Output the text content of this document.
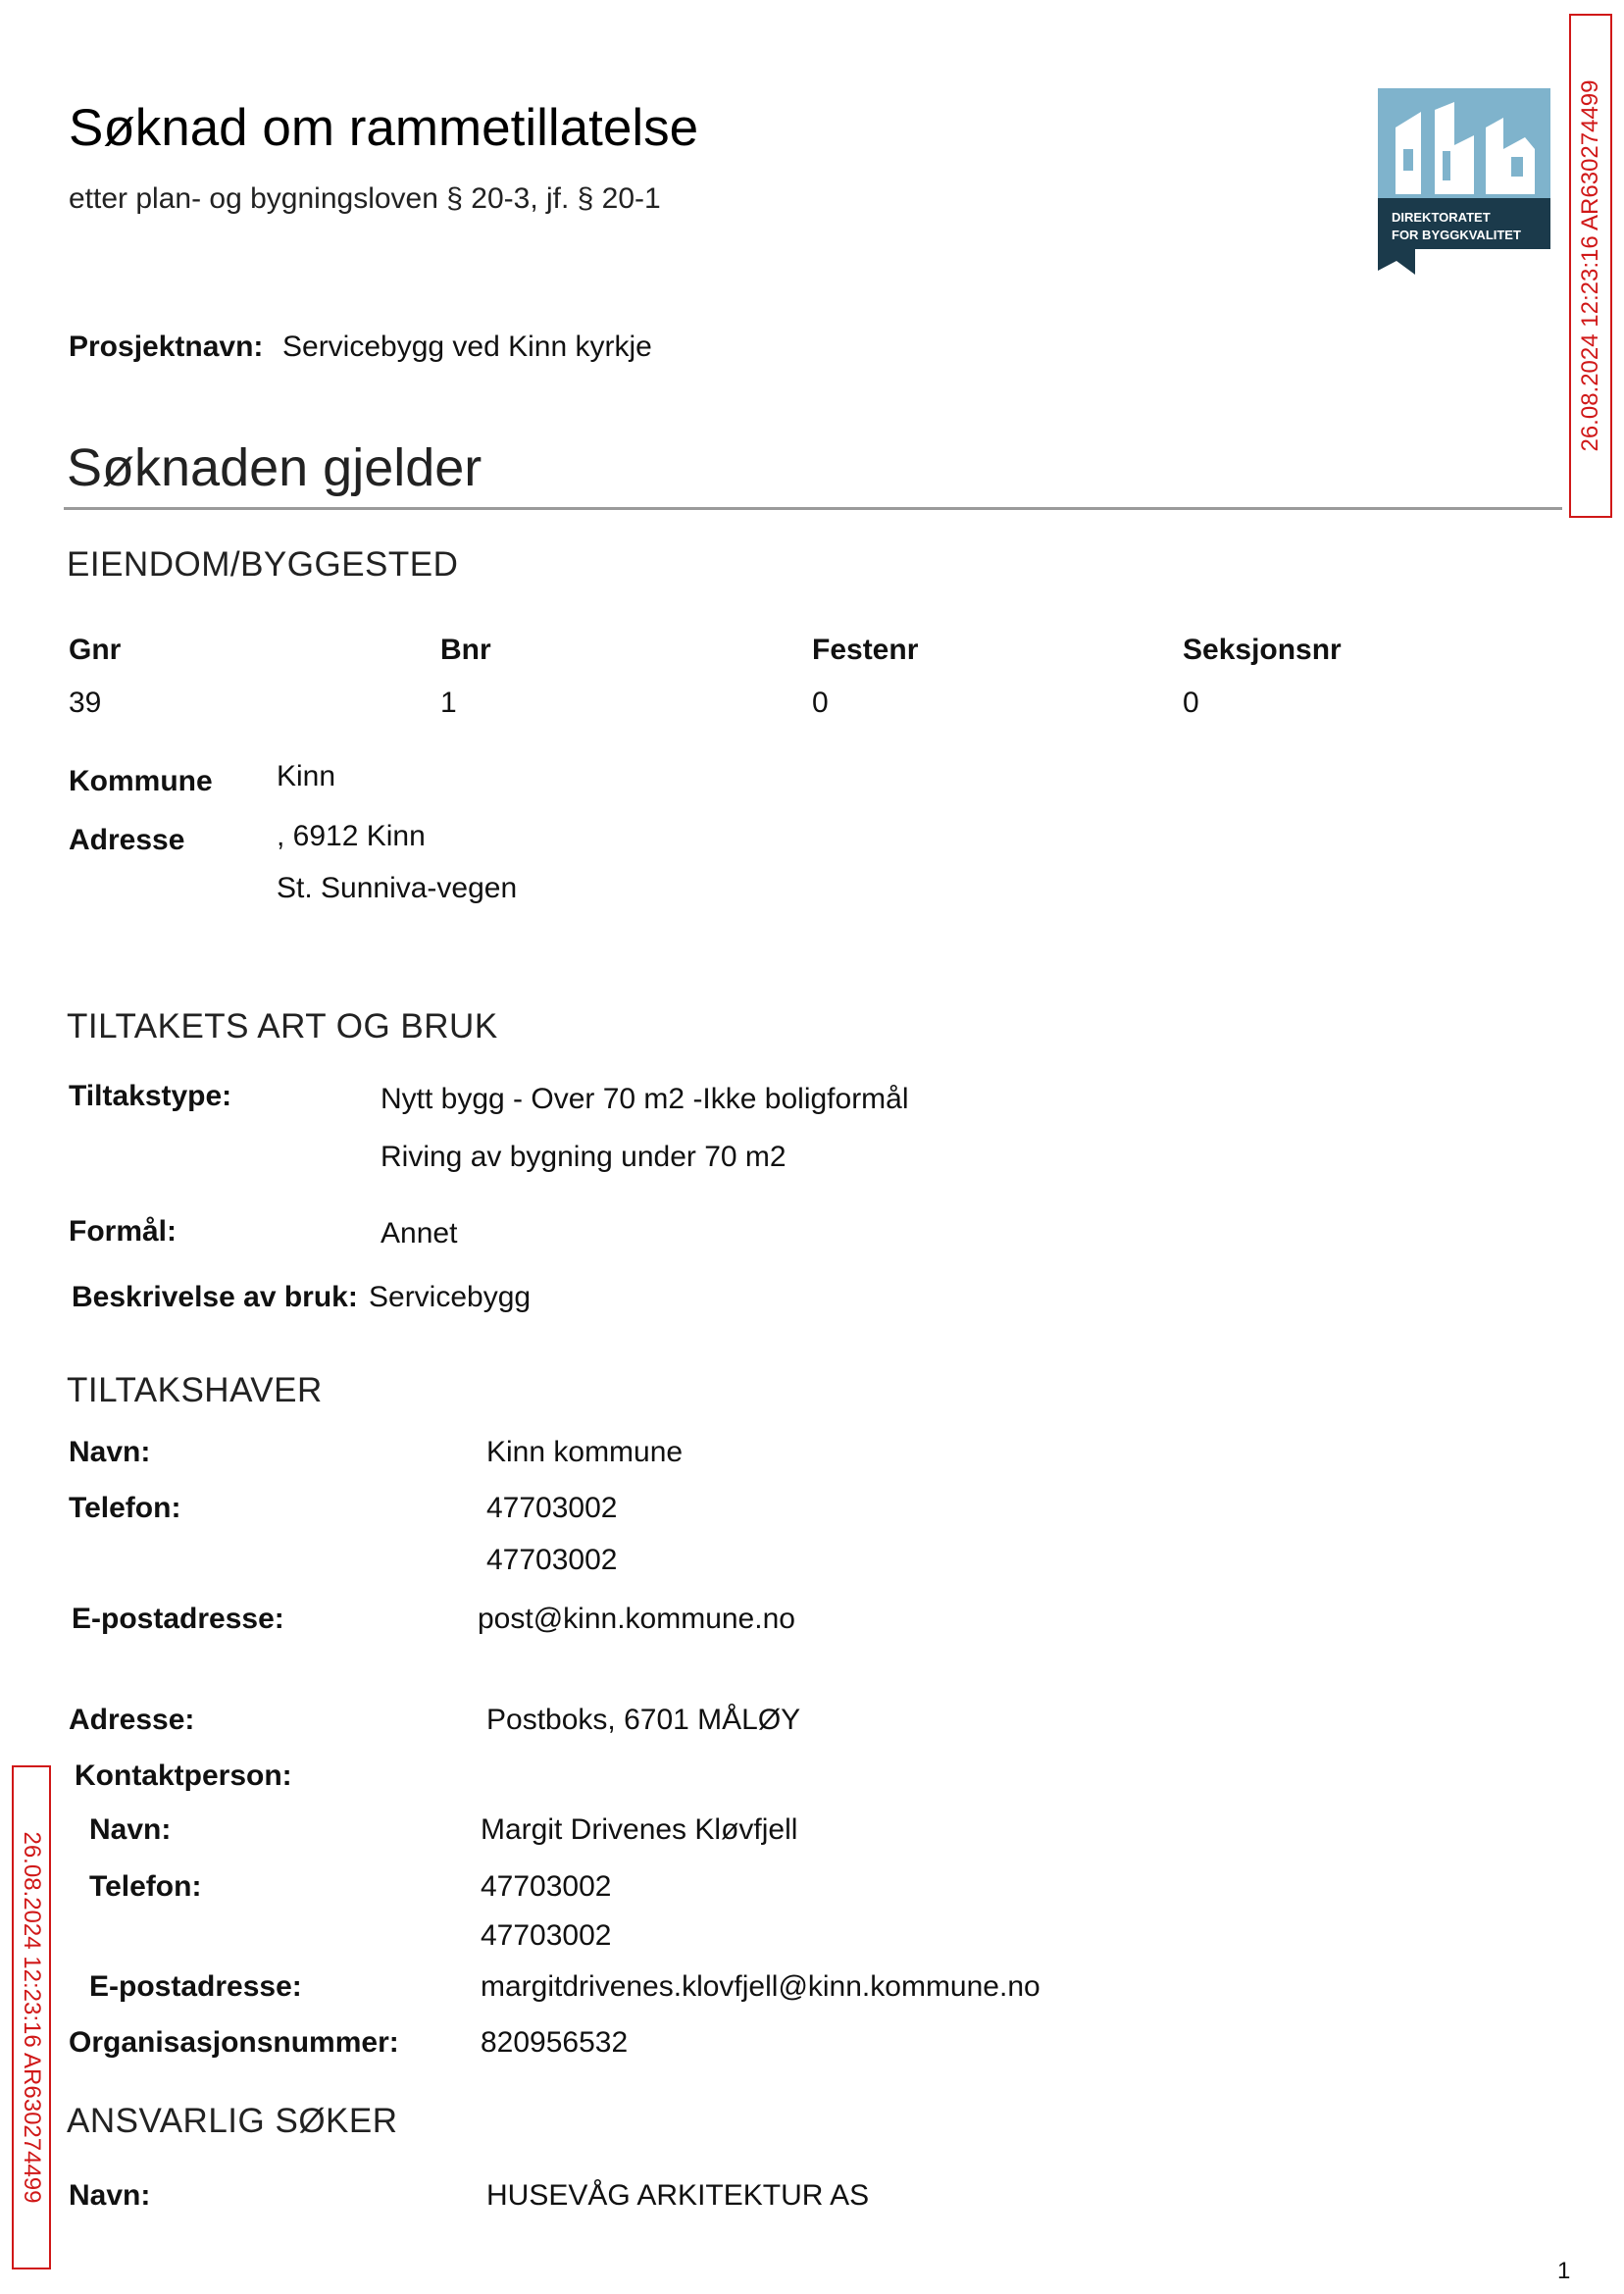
Søknad om rammetillatelse
etter plan- og bygningsloven § 20-3, jf. § 20-1
DIREKTORATET
FOR BYGGKVALITET 26.08.2024 12:23:16 AR630274499
Prosjektnavn: Servicebygg ved Kinn kyrkje
Søknaden gjelder
EIENDOM/BYGGESTED
Gnr	Bnr	Festenr	Seksjonsnr
39	1	0	0
Kommune Kinn
Adresse	, 6912 Kinn
St. Sunniva-vegen
TILTAKETS ART OG BRUK
Tiltakstype:	Nytt bygg - Over 70 m2 -Ikke boligformål
Riving av bygning under 70 m2
Formål:	Annet
Beskrivelse av bruk: Servicebygg
TILTAKSHAVER
Navn:	Kinn kommune
Telefon:	47703002
47703002
E-postadresse:	post@kinn.kommune.no
Adresse:	Postboks, 6701 MÅLØY
Kontaktperson:
Navn:	Margit Drivenes Kløvfjell
Telefon:	47703002
47703002
E-postadresse:	margitdrivenes.klovfjell@kinn.kommune.no
Organisasjonsnummer:	820956532
ANSVARLIG SØKER
Navn:	HUSEVÅG ARKITEKTUR AS
26.08.2024 12:23:16 AR630274499
1
